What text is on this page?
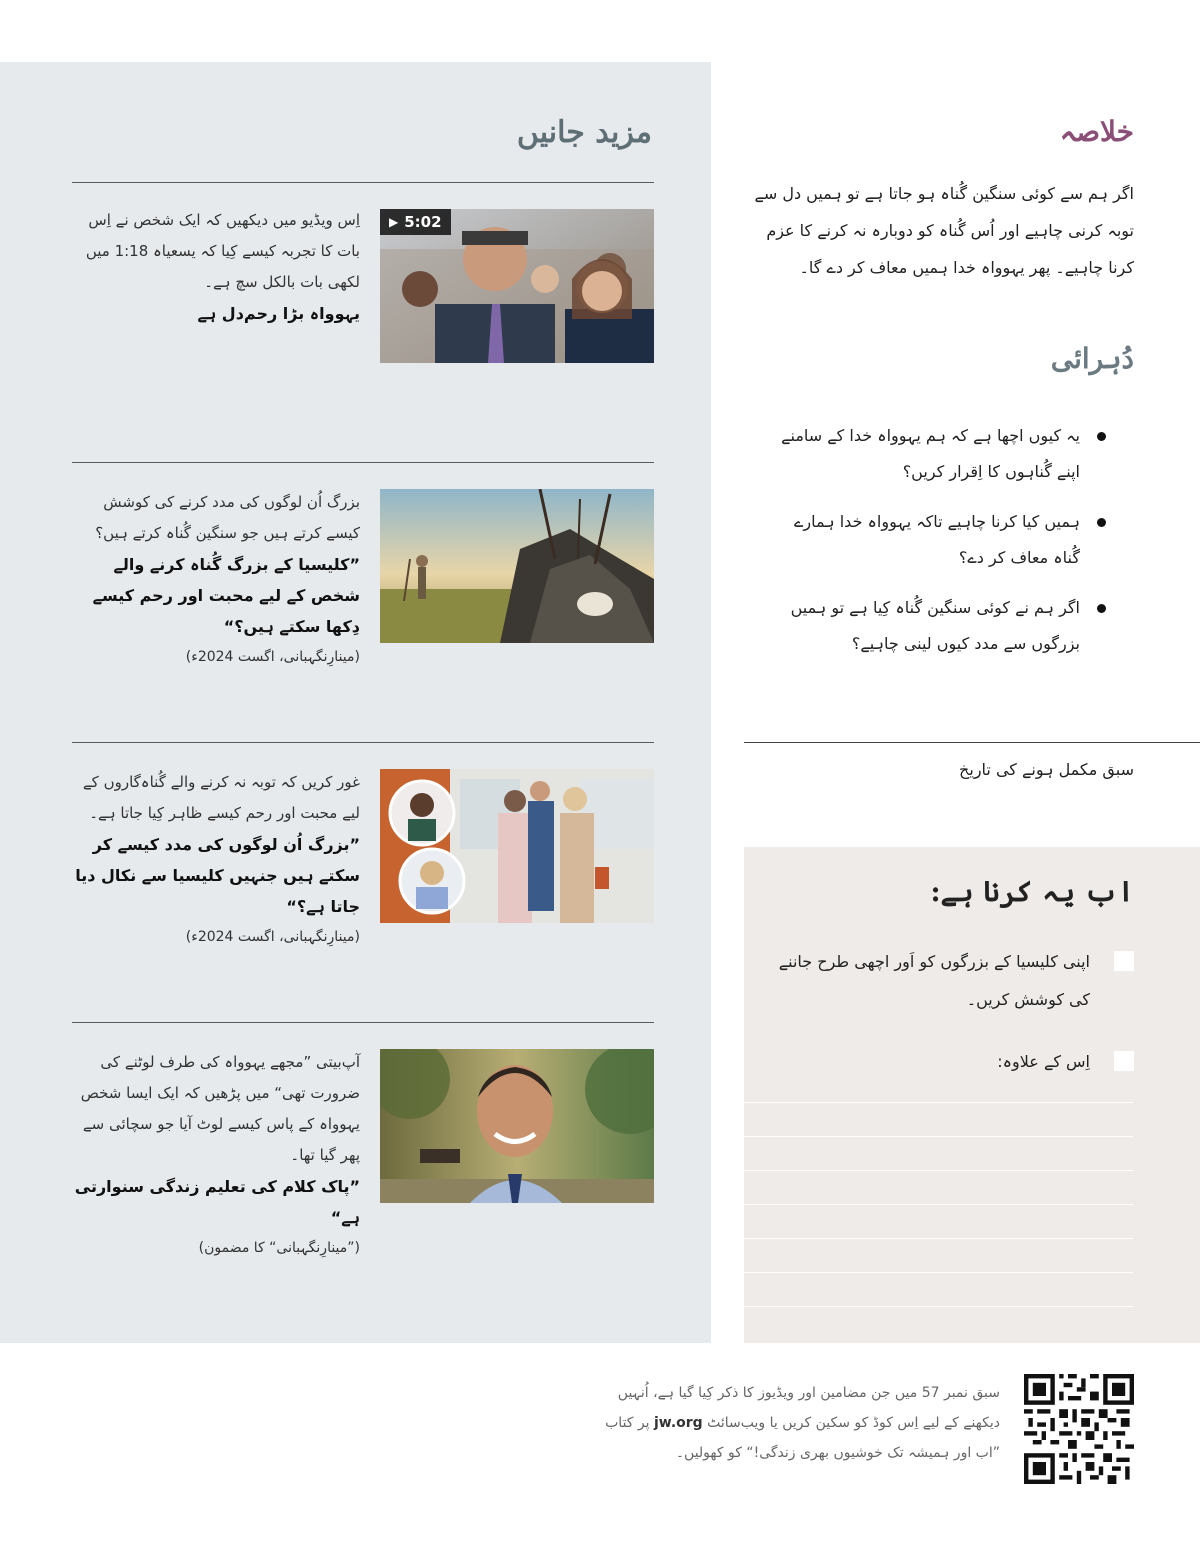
مزید جانیں
اِس ویڈیو میں دیکھیں کہ ایک شخص نے اِس بات کا تجربہ کیسے کِیا کہ یسعیاہ 1:18 میں لکھی بات بالکل سچ ہے۔
یہوواہ بڑا رحم‌دل ہے
▶ 5:02
بزرگ اُن لوگوں کی مدد کرنے کی کوشش کیسے کرتے ہیں جو سنگین گُناہ کرتے ہیں؟
”کلیسیا کے بزرگ گُناہ کرنے والے شخص کے لیے محبت اور رحم کیسے دِکھا سکتے ہیں؟“
(مینارِنگہبانی، اگست 2024ء)
غور کریں کہ توبہ نہ کرنے والے گُناہ‌گاروں کے لیے محبت اور رحم کیسے ظاہر کِیا جاتا ہے۔
”بزرگ اُن لوگوں کی مدد کیسے کر سکتے ہیں جنہیں کلیسیا سے نکال دیا جاتا ہے؟“
(مینارِنگہبانی، اگست 2024ء)
آپ‌بیتی ”مجھے یہوواہ کی طرف لوٹنے کی ضرورت تھی“ میں پڑھیں کہ ایک ایسا شخص یہوواہ کے پاس کیسے لوٹ آیا جو سچائی سے پھر گیا تھا۔
”پاک کلام کی تعلیم زندگی سنوارتی ہے“
(”مینارِنگہبانی“ کا مضمون)
خلاصہ
اگر ہم سے کوئی سنگین گُناہ ہو جاتا ہے تو ہمیں دل سے توبہ کرنی چاہیے اور اُس گُناہ کو دوبارہ نہ کرنے کا عزم کرنا چاہیے۔ پھر یہوواہ خدا ہمیں معاف کر دے گا۔
دُہرائی
یہ کیوں اچھا ہے کہ ہم یہوواہ خدا کے سامنے اپنے گُناہوں کا اِقرار کریں؟
ہمیں کیا کرنا چاہیے تاکہ یہوواہ خدا ہمارے گُناہ معاف کر دے؟
اگر ہم نے کوئی سنگین گُناہ کِیا ہے تو ہمیں بزرگوں سے مدد کیوں لینی چاہیے؟
سبق مکمل ہونے کی تاریخ
اب یہ کرنا ہے:
اپنی کلیسیا کے بزرگوں کو اَور اچھی طرح جاننے کی کوشش کریں۔
اِس کے علاوہ:
سبق نمبر 57 میں جن مضامین اور ویڈیوز کا ذکر کِیا گیا ہے، اُنہیں دیکھنے کے لیے اِس کوڈ کو سکین کریں یا ویب‌سائٹ jw.org پر کتاب ”اب اور ہمیشہ تک خوشیوں بھری زندگی!“ کو کھولیں۔
